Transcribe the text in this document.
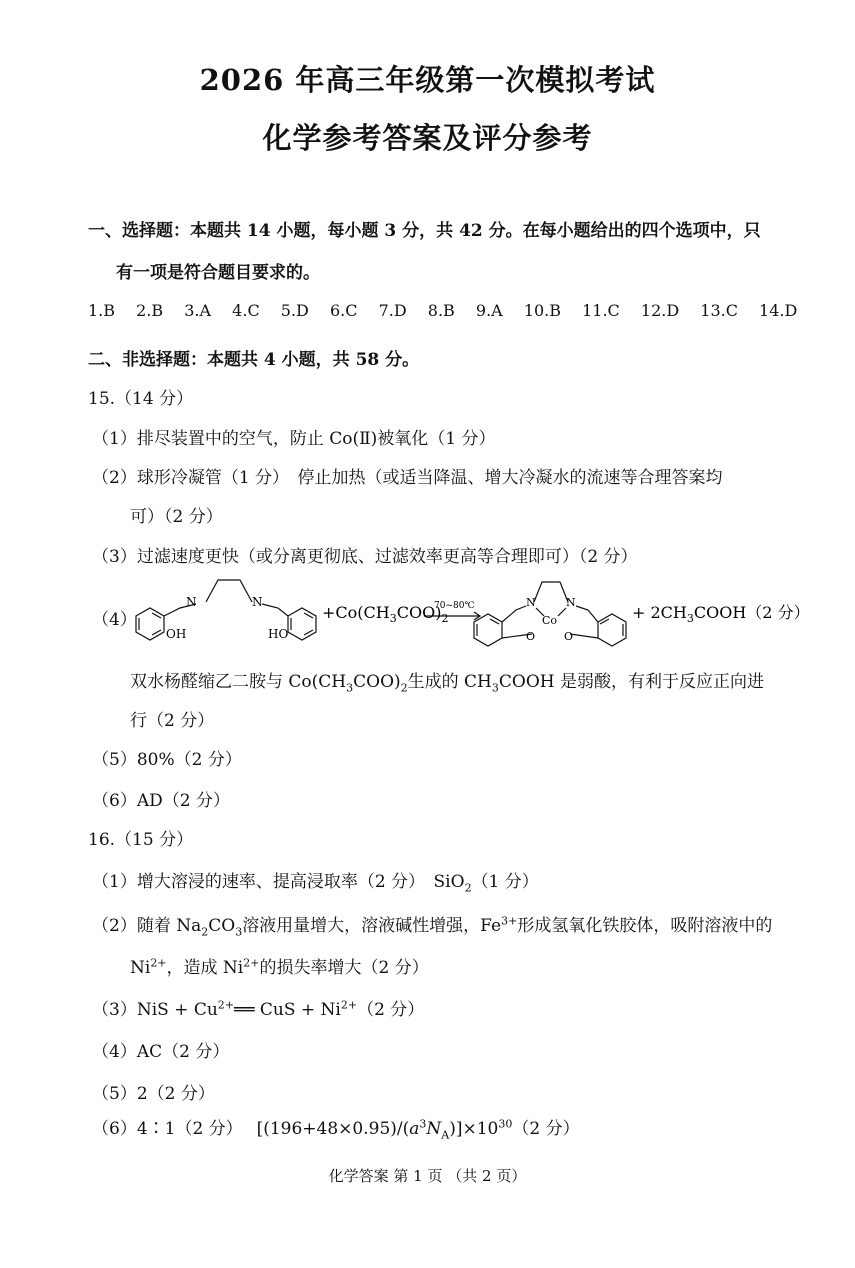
2026 年高三年级第一次模拟考试
化学参考答案及评分参考
一、选择题：本题共 14 小题，每小题 3 分，共 42 分。在每小题给出的四个选项中，只
有一项是符合题目要求的。
1.B 2.B 3.A 4.C 5.D 6.C 7.D 8.B 9.A 10.B 11.C 12.D 13.C 14.D
二、非选择题：本题共 4 小题，共 58 分。
15.（14 分）
（1）排尽装置中的空气，防止 Co(Ⅱ)被氧化（1 分）
（2）球形冷凝管（1 分）　停止加热（或适当降温、增大冷凝水的流速等合理答案均
可）（2 分）
（3）过滤速度更快（或分离更彻底、过滤效率更高等合理即可）（2 分）
（4）
N	N
OH	HO
$+Co(CH_3COO)_2$
70~80℃	N	N
Co
O	O
+ $2CH_3COOH(2$ 分）
双水杨醛缩乙二胺与 $Co(CH_3COO)_2$生成的 $CH_3COOH$ 是弱酸，有利于反应正向进
行（2 分）
（5）80%（2 分）
（6）AD（2 分）
16.（15 分）
（1）增大溶浸的速率、提高浸取率（2 分）　SiO$_2$（1 分）
（2）随着 $Na_2CO_3$溶液用量增大，溶液碱性增强，$Fe^{3+}$形成氢氧化铁胶体，吸附溶液中的
$Ni^{2+}$，造成 $Ni^{2+}$的损失率增大（2 分）
$(3)NiS + Cu^{2+}══$ CuS + $Ni^{2+}(2$ 分）
（4）AC（2 分）
（5）2（2 分）
（6）4∶1（2 分）　 $[(196+48\times 0.95)/(a^3N_A)]\times 10^{30}(2$ 分）
化学答案 第 1 页 （共 2 页）
